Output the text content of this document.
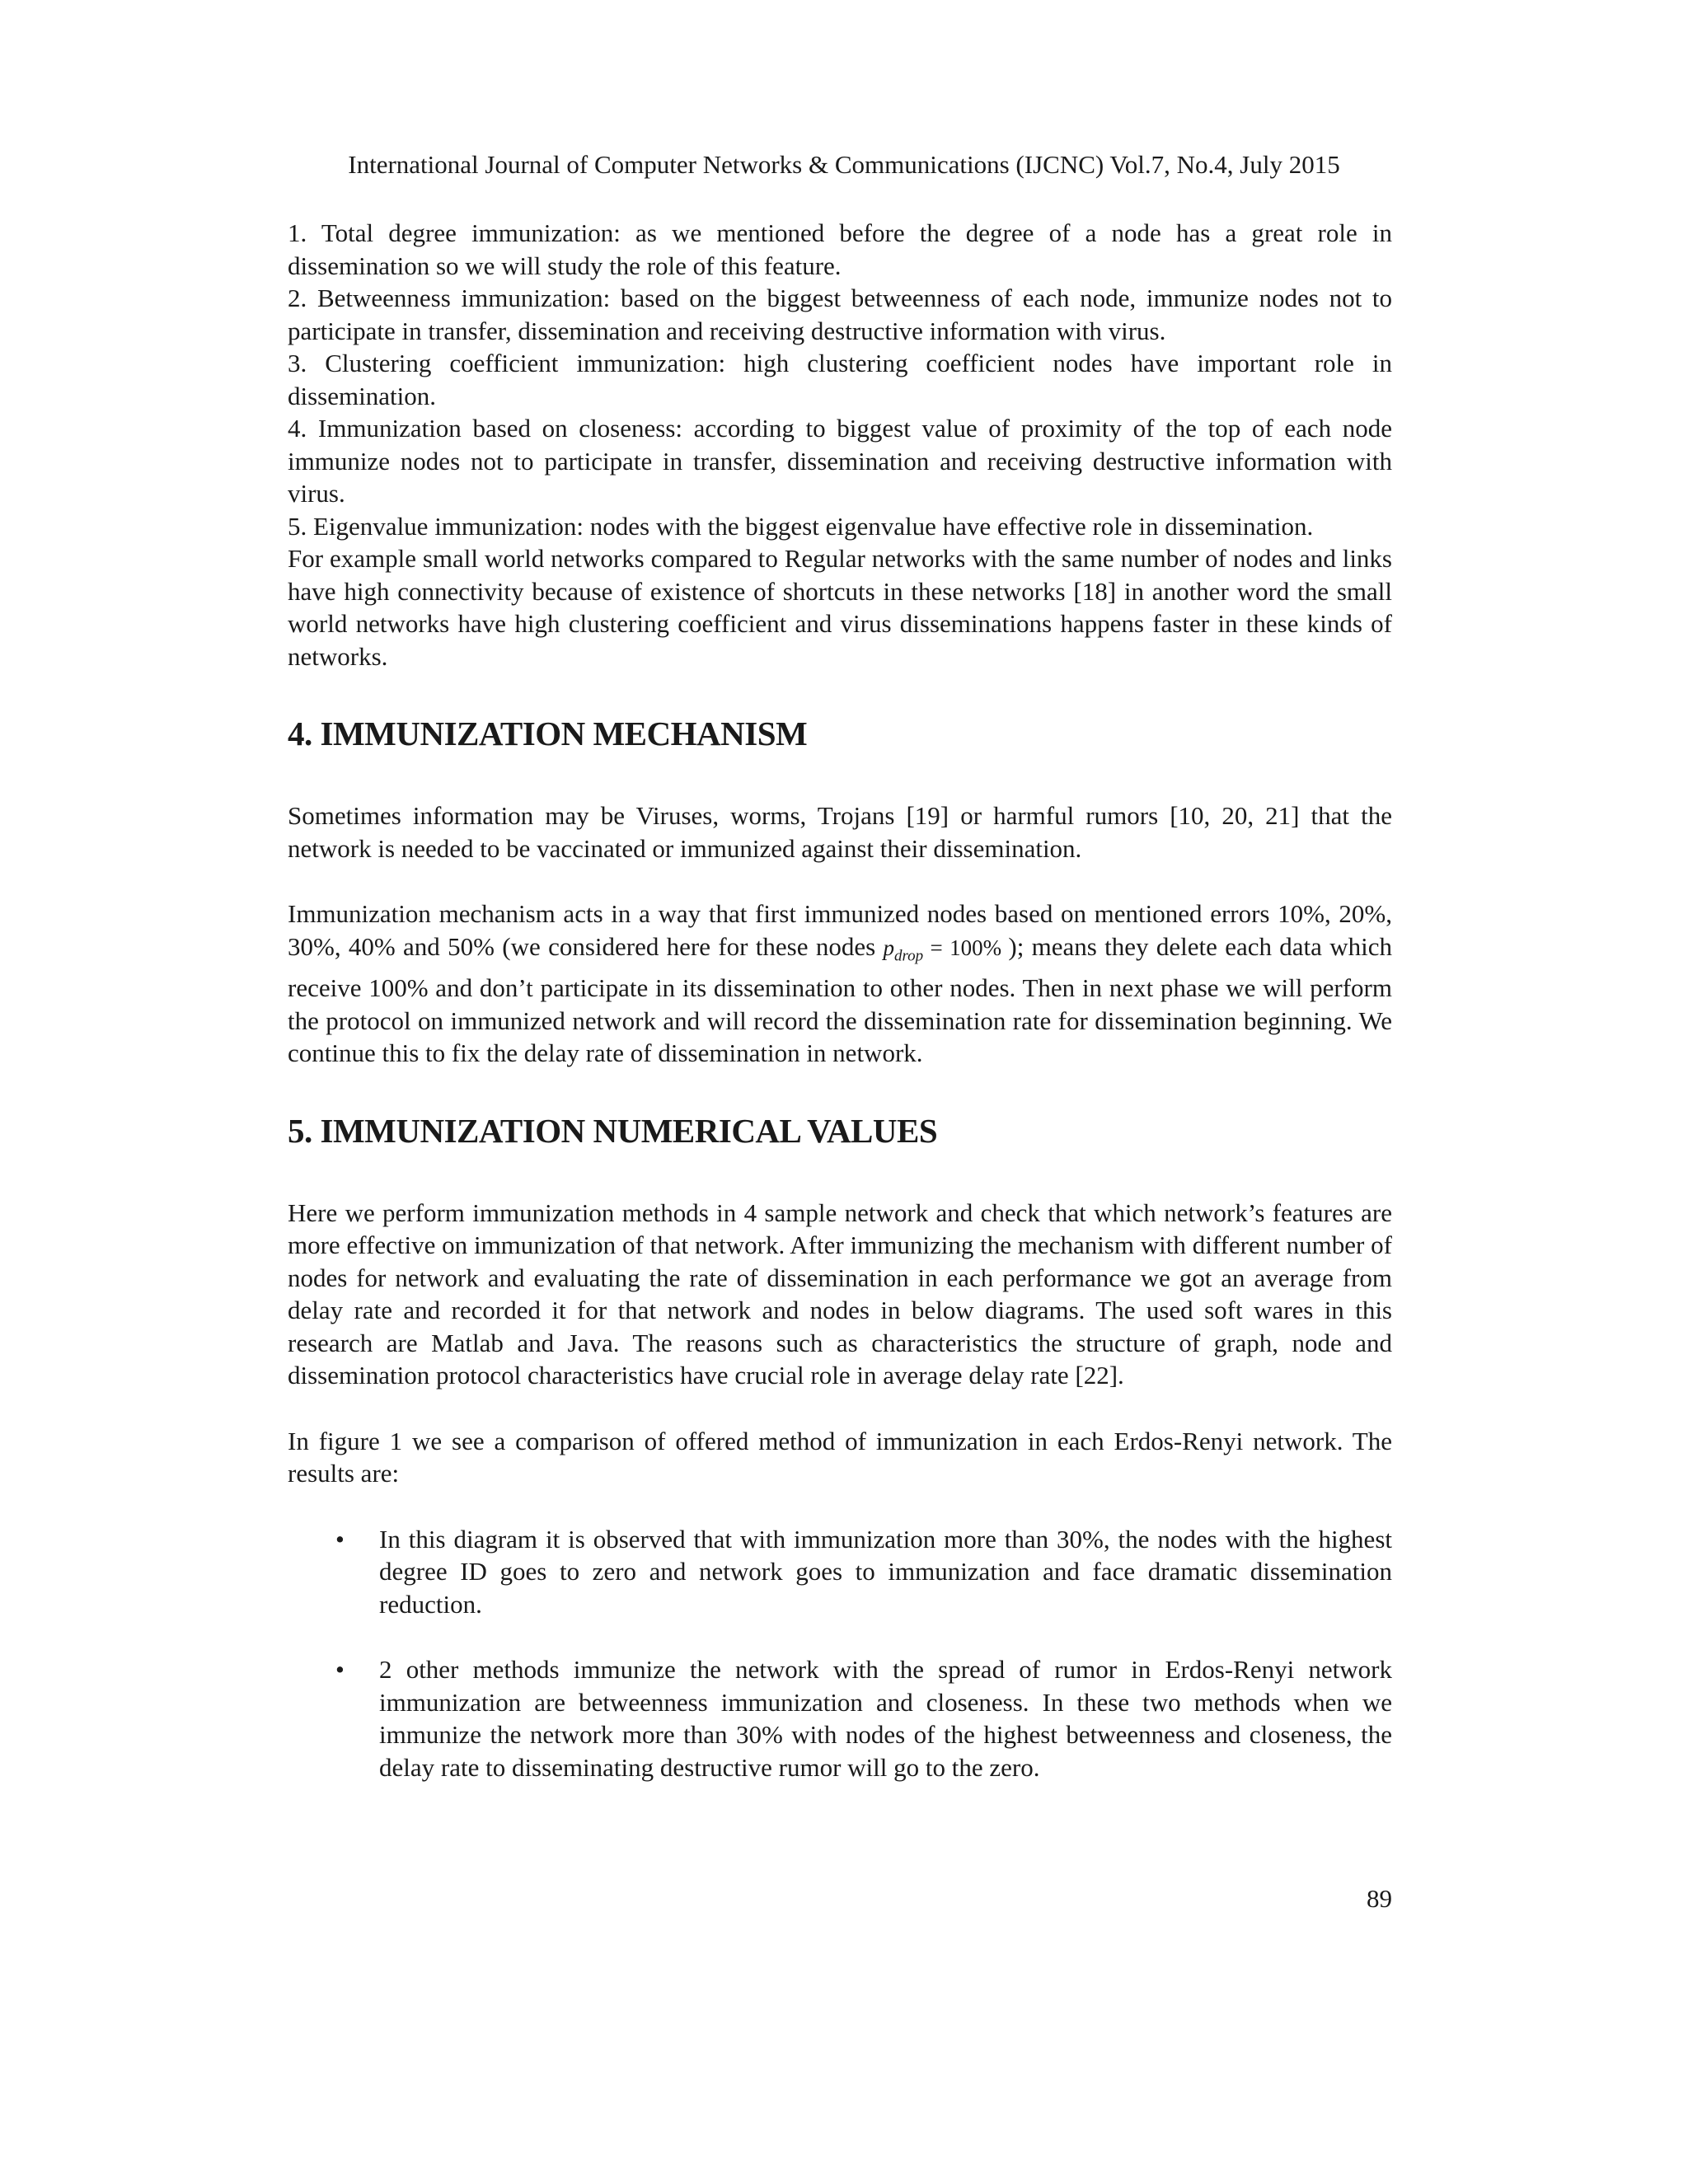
International Journal of Computer Networks & Communications (IJCNC) Vol.7, No.4, July 2015

1. Total degree immunization: as we mentioned before the degree of a node has a great role in dissemination so we will study the role of this feature.

2. Betweenness immunization: based on the biggest betweenness of each node, immunize nodes not to participate in transfer, dissemination and receiving destructive information with virus.

3. Clustering coefficient immunization: high clustering coefficient nodes have important role in dissemination.

4. Immunization based on closeness: according to biggest value of proximity of the top of each node immunize nodes not to participate in transfer, dissemination and receiving destructive information with virus.

5. Eigenvalue immunization: nodes with the biggest eigenvalue have effective role in dissemination.

For example small world networks compared to Regular networks with the same number of nodes and links have high connectivity because of existence of shortcuts in these networks [18] in another word the small world networks have high clustering coefficient and virus disseminations happens faster in these kinds of networks.

4. IMMUNIZATION MECHANISM

Sometimes information may be Viruses, worms, Trojans [19] or harmful rumors [10, 20, 21] that the network is needed to be vaccinated or immunized against their dissemination.

Immunization mechanism acts in a way that first immunized nodes based on mentioned errors 10%, 20%, 30%, 40% and 50% (we considered here for these nodes $p_{drop} = 100\%$ ); means they delete each data which receive 100% and don’t participate in its dissemination to other nodes. Then in next phase we will perform the protocol on immunized network and will record the dissemination rate for dissemination beginning. We continue this to fix the delay rate of dissemination in network.

5. IMMUNIZATION NUMERICAL VALUES

Here we perform immunization methods in 4 sample network and check that which network’s features are more effective on immunization of that network. After immunizing the mechanism with different number of nodes for network and evaluating the rate of dissemination in each performance we got an average from delay rate and recorded it for that network and nodes in below diagrams. The used soft wares in this research are Matlab and Java. The reasons such as characteristics the structure of graph, node and dissemination protocol characteristics have crucial role in average delay rate [22].

In figure 1 we see a comparison of offered method of immunization in each Erdos-Renyi network. The results are:

• In this diagram it is observed that with immunization more than 30%, the nodes with the highest degree ID goes to zero and network goes to immunization and face dramatic dissemination reduction.
• 2 other methods immunize the network with the spread of rumor in Erdos-Renyi network immunization are betweenness immunization and closeness. In these two methods when we immunize the network more than 30% with nodes of the highest betweenness and closeness, the delay rate to disseminating destructive rumor will go to the zero.
89
